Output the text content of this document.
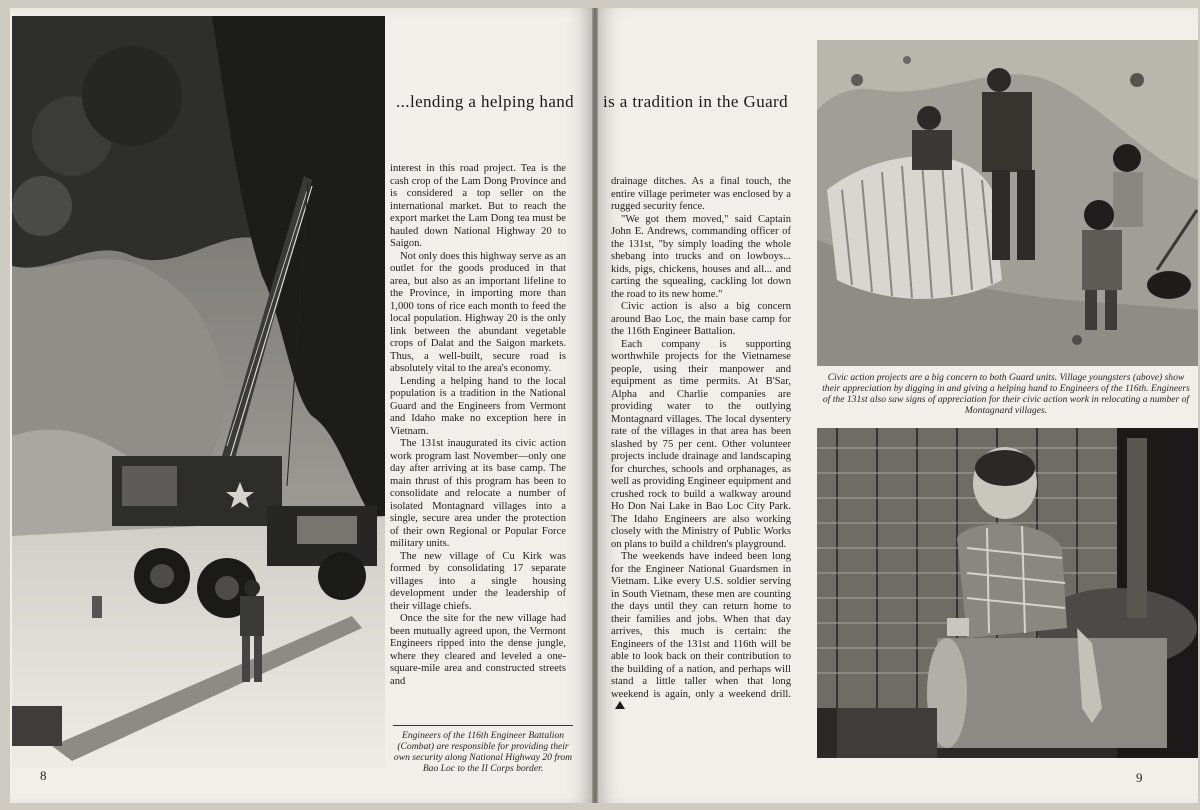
...lending a helping hand is a tradition in the Guard

interest in this road project. Tea is the cash crop of the Lam Dong Province and is considered a top seller on the international market. But to reach the export market the Lam Dong tea must be hauled down National Highway 20 to Saigon.

Not only does this highway serve as an outlet for the goods produced in that area, but also as an important lifeline to the Province, in importing more than 1,000 tons of rice each month to feed the local population. Highway 20 is the only link between the abundant vegetable crops of Dalat and the Saigon markets. Thus, a well-built, secure road is absolutely vital to the area's economy.

Lending a helping hand to the local population is a tradition in the National Guard and the Engineers from Vermont and Idaho make no exception here in Vietnam.

The 131st inaugurated its civic action work program last November—only one day after arriving at its base camp. The main thrust of this program has been to consolidate and relocate a number of isolated Montagnard villages into a single, secure area under the protection of their own Regional or Popular Force military units.

The new village of Cu Kirk was formed by consolidating 17 separate villages into a single housing development under the leadership of their village chiefs.

Once the site for the new village had been mutually agreed upon, the Vermont Engineers ripped into the dense jungle, where they cleared and leveled a one-square-mile area and constructed streets and

Engineers of the 116th Engineer Battalion (Combat) are responsible for providing their own security along National Highway 20 from Bao Loc to the II Corps border.

drainage ditches. As a final touch, the entire village perimeter was enclosed by a rugged security fence.

"We got them moved," said Captain John E. Andrews, commanding officer of the 131st, "by simply loading the whole shebang into trucks and on lowboys... kids, pigs, chickens, houses and all... and carting the squealing, cackling lot down the road to its new home."

Civic action is also a big concern around Bao Loc, the main base camp for the 116th Engineer Battalion.

Each company is supporting worthwhile projects for the Vietnamese people, using their manpower and equipment as time permits. At B'Sar, Alpha and Charlie companies are providing water to the outlying Montagnard villages. The local dysentery rate of the villages in that area has been slashed by 75 per cent. Other volunteer projects include drainage and landscaping for churches, schools and orphanages, as well as providing Engineer equipment and crushed rock to build a walkway around Ho Don Nai Lake in Bao Loc City Park. The Idaho Engineers are also working closely with the Ministry of Public Works on plans to build a children's playground.

The weekends have indeed been long for the Engineer National Guardsmen in Vietnam. Like every U.S. soldier serving in South Vietnam, these men are counting the days until they can return home to their families and jobs. When that day arrives, this much is certain: the Engineers of the 131st and 116th will be able to look back on their contribution to the building of a nation, and perhaps will stand a little taller when that long weekend is again, only a weekend drill.

Civic action projects are a big concern to both Guard units. Village youngsters (above) show their appreciation by digging in and giving a helping hand to Engineers of the 116th. Engineers of the 131st also saw signs of appreciation for their civic action work in relocating a number of Montagnard villages.
8	9
